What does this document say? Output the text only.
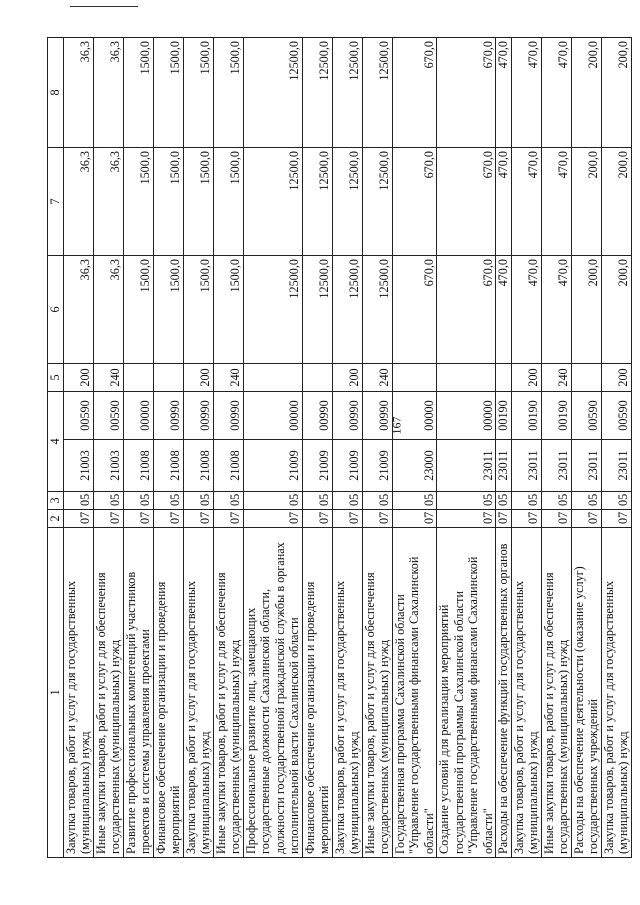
167
1	2	3	4		5	6	7	8
Закупка товаров, работ и услуг для государственных (муниципальных) нужд	07	05	21003	00590	200	36,3	36,3	36,3
Иные закупки товаров, работ и услуг для обеспечения государственных (муниципальных) нужд	07	05	21003	00590	240	36,3	36,3	36,3
Развитие профессиональных компетенций участников проектов и системы управления проектами	07	05	21008	00000		1500,0	1500,0	1500,0
Финансовое обеспечение организации и проведения мероприятий	07	05	21008	00990		1500,0	1500,0	1500,0
Закупка товаров, работ и услуг для государственных (муниципальных) нужд	07	05	21008	00990	200	1500,0	1500,0	1500,0
Иные закупки товаров, работ и услуг для обеспечения государственных (муниципальных) нужд	07	05	21008	00990	240	1500,0	1500,0	1500,0
Профессиональное развитие лиц, замещающих государственные должности Сахалинской области, должности государственной гражданской службы в органах исполнительной власти Сахалинской области	07	05	21009	00000		12500,0	12500,0	12500,0
Финансовое обеспечение организации и проведения мероприятий	07	05	21009	00990		12500,0	12500,0	12500,0
Закупка товаров, работ и услуг для государственных (муниципальных) нужд	07	05	21009	00990	200	12500,0	12500,0	12500,0
Иные закупки товаров, работ и услуг для обеспечения государственных (муниципальных) нужд	07	05	21009	00990	240	12500,0	12500,0	12500,0
Государственная программа Сахалинской области "Управление государственными финансами Сахалинской области"	07	05	23000	00000		670,0	670,0	670,0
Создание условий для реализации мероприятий государственной программы Сахалинской области "Управление государственными финансами Сахалинской области"	07	05	23011	00000		670,0	670,0	670,0
Расходы на обеспечение функций государственных органов	07	05	23011	00190		470,0	470,0	470,0
Закупка товаров, работ и услуг для государственных (муниципальных) нужд	07	05	23011	00190	200	470,0	470,0	470,0
Иные закупки товаров, работ и услуг для обеспечения государственных (муниципальных) нужд	07	05	23011	00190	240	470,0	470,0	470,0
Расходы на обеспечение деятельности (оказание услуг) государственных учреждений	07	05	23011	00590		200,0	200,0	200,0
Закупка товаров, работ и услуг для государственных (муниципальных) нужд	07	05	23011	00590	200	200,0	200,0	200,0
